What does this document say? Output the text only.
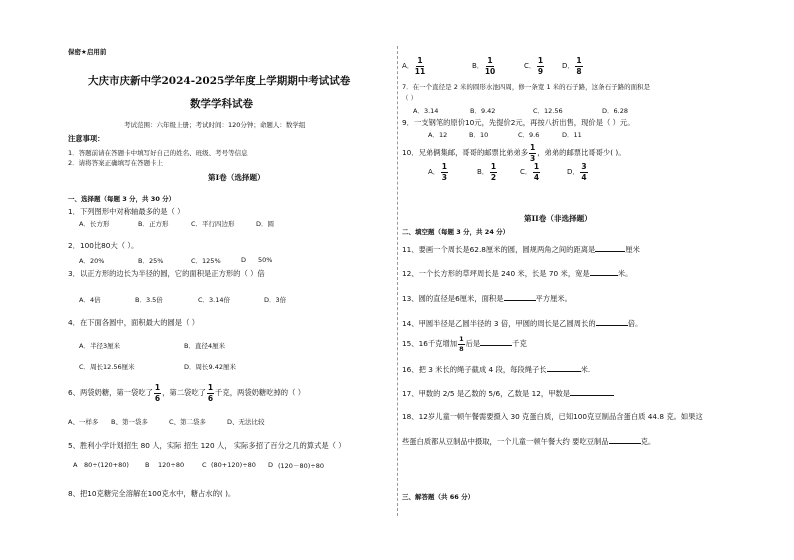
保密★启用前
大庆市庆新中学2024-2025学年度上学期期中考试试卷
数学学科试卷
考试范围：六年级上册；考试时间：120分钟；命题人：数学组
注意事项：
1．答题前请在答题卡中填写好自己的姓名、班级、考号等信息
2．请将答案正确填写在答题卡上
第I卷（选择题）
一、选择题（每题 3 分，共 30 分）
1．下列图形中对称轴最多的是（ ）
A．长方形	B．正方形	C．平行四边形	D．圆
2．100比80大（ ）。
A．20%	B．25%	C．125%	D 50%
3．以正方形的边长为半径的圆，它的面积是正方形的（ ）倍
A．4倍	B．3.5倍	C．3.14倍	D．3倍
4．在下面各圆中，面积最大的圆是（ ）
A．半径3厘米	B．直径4厘米
C．周长12.56厘米	D．周长9.42厘米
6、两袋奶糖，第一袋吃了 $\frac{1}{6}$ ，第二袋吃了 $\frac{1}{6}$ 千克，两袋奶糖吃掉的（ ）
A、一样多 B、第一袋多	C、第二袋多	D、无法比较
5、胜利小学计划招生 80 人，实际 招生 120 人， 实际多招了百分之几的算式是（ ）
A 80÷(120+80) B 120÷80	C (80+120)÷80 D (120－80)÷80
8、把10克糖完全溶解在100克水中，糖占水的( )。
A． $\frac{1}{11}$	B． $\frac{1}{10}$	C． $\frac{1}{9}$	D． $\frac{1}{8}$
7．在一个直径是 2 米的圆形水池四周，修一条宽 1 米的石子路，这条石子路的面积是
（ ）
A．3.14	B．9.42	C．12.56	D．6.28
9．一支钢笔的原价10元，先提价2元，再按八折出售，现价是（ ）元。
A．12	B．10	C．9.6	D．11
10．兄弟俩集邮，哥哥的邮票比弟弟多 $\frac{1}{3}$ ，弟弟的邮票比哥哥少( )。
A． $\frac{1}{3}$	B． $\frac{1}{2}$	C． $\frac{1}{4}$	D． $\frac{3}{4}$
第II卷（非选择题）
二、填空题（每题 3 分，共 24 分）
11、要画一个周长是62.8厘米的圆，圆规两角之间的距离是	厘米
12、一个长方形的草坪周长是 240 米，长是 70 米，宽是	米。
13、圆的直径是6厘米，面积是	平方厘米。
14、甲圆半径是乙圆半径的 3 倍，甲圆的周长是乙圆周长的	倍。
15、16千克增加 $\frac{1}{8}$ 后是	千克
16、把 3 米长的绳子截成 4 段，每段绳子长	米.
17、甲数的 2/5 是乙数的 5/6，乙数是 12，甲数是
18、12岁儿童一顿午餐需要摄入 30 克蛋白质，已知100克豆制品含蛋白质 44.8 克。如果这
些蛋白质都从豆制品中摄取，一个儿童一顿午餐大约 要吃豆制品	克。
三、解答题（共 66 分）
